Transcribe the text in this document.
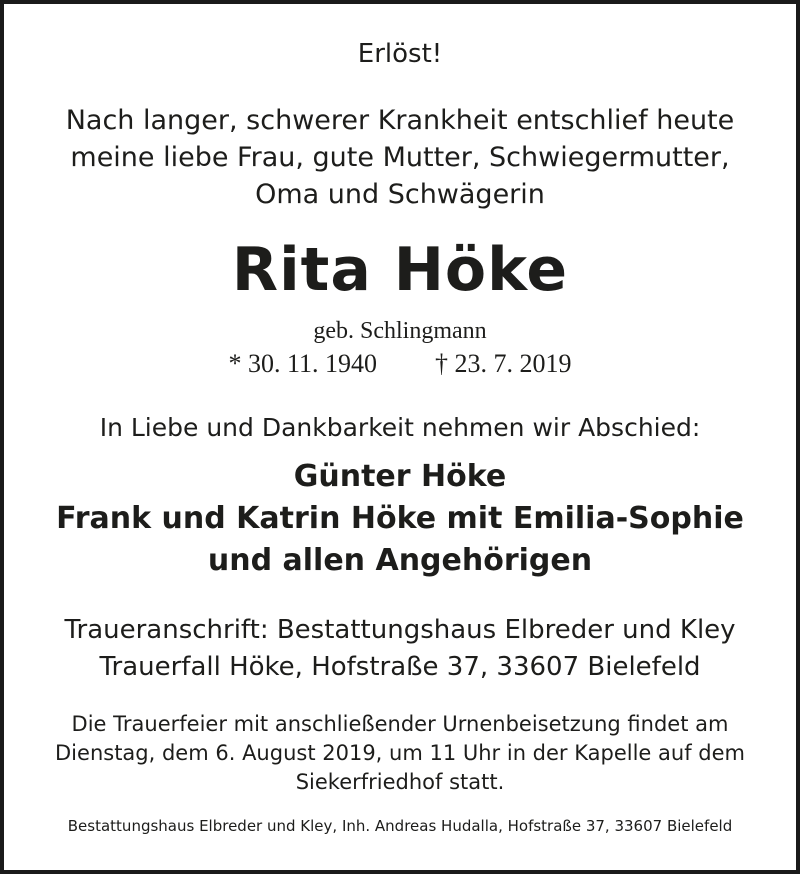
Erlöst!

Nach langer, schwerer Krankheit entschlief heute
meine liebe Frau, gute Mutter, Schwiegermutter,
Oma und Schwägerin
Rita Höke

geb. Schlingmann

* 30. 11. 1940 † 23. 7. 2019

In Liebe und Dankbarkeit nehmen wir Abschied:

Günter Höke
Frank und Katrin Höke mit Emilia-Sophie
und allen Angehörigen
Traueranschrift: Bestattungshaus Elbreder und Kley
Trauerfall Höke, Hofstraße 37, 33607 Bielefeld
Die Trauerfeier mit anschließender Urnenbeisetzung findet am
Dienstag, dem 6. August 2019, um 11 Uhr in der Kapelle auf dem
Siekerfriedhof statt.

Bestattungshaus Elbreder und Kley, Inh. Andreas Hudalla, Hofstraße 37, 33607 Bielefeld
